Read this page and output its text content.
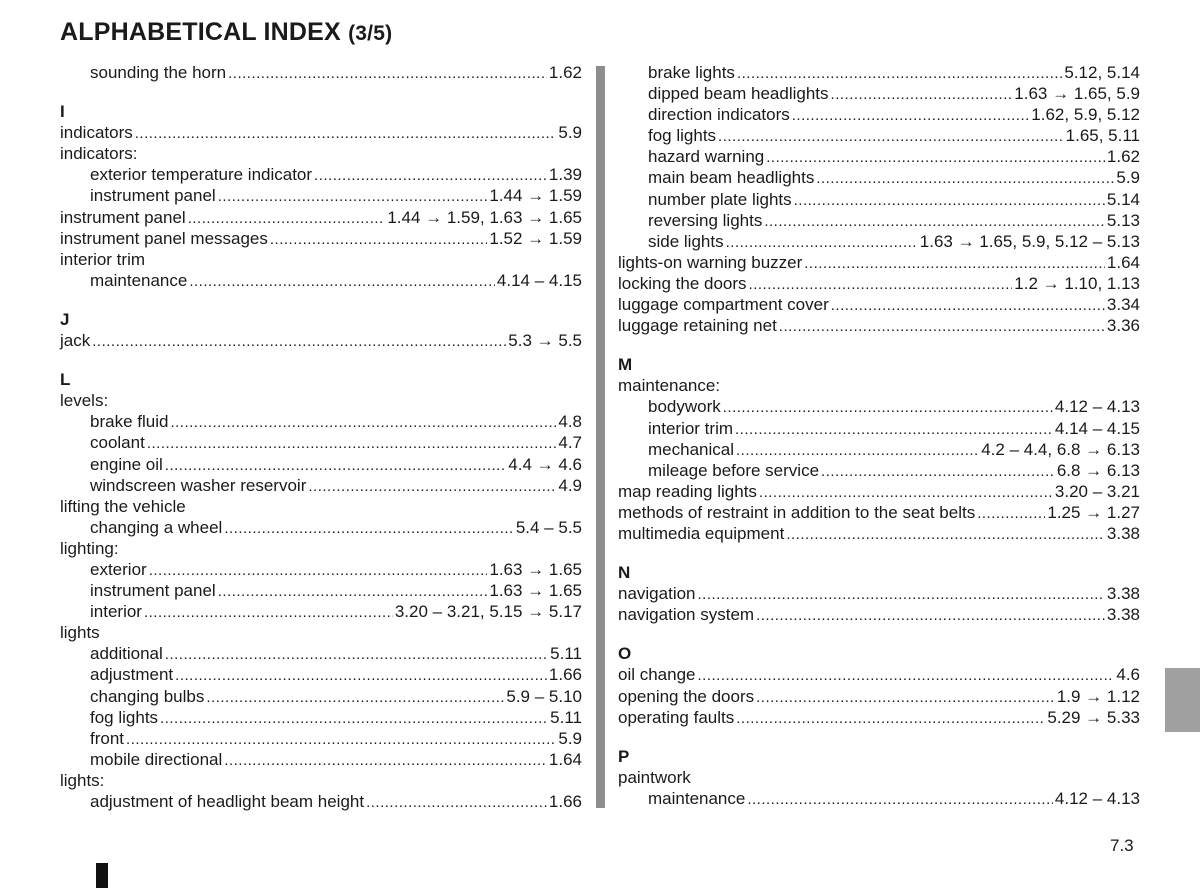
ALPHABETICAL INDEX (3/5)
sounding the horn .....	1.62
I
indicators .....	5.9
indicators:
exterior temperature indicator .....	1.39
instrument panel .....	1.44 → 1.59
instrument panel .....	1.44 → 1.59, 1.63 → 1.65
instrument panel messages .....	1.52 → 1.59
interior trim
maintenance .....	4.14 – 4.15
J
jack .....	5.3 → 5.5
L
levels:
brake fluid .....	4.8
coolant .....	4.7
engine oil .....	4.4 → 4.6
windscreen washer reservoir .....	4.9
lifting the vehicle
changing a wheel .....	5.4 – 5.5
lighting:
exterior .....	1.63 → 1.65
instrument panel .....	1.63 → 1.65
interior .....	3.20 – 3.21, 5.15 → 5.17
lights
additional .....	5.11
adjustment .....	1.66
changing bulbs .....	5.9 – 5.10
fog lights .....	5.11
front .....	5.9
mobile directional .....	1.64
lights:
adjustment of headlight beam height .....	1.66
brake lights .....	5.12, 5.14
dipped beam headlights .....	1.63 → 1.65, 5.9
direction indicators .....	1.62, 5.9, 5.12
fog lights .....	1.65, 5.11
hazard warning .....	1.62
main beam headlights .....	5.9
number plate lights .....	5.14
reversing lights .....	5.13
side lights .....	1.63 → 1.65, 5.9, 5.12 – 5.13
lights-on warning buzzer .....	1.64
locking the doors .....	1.2 → 1.10, 1.13
luggage compartment cover .....	3.34
luggage retaining net .....	3.36
M
maintenance:
bodywork .....	4.12 – 4.13
interior trim .....	4.14 – 4.15
mechanical .....	4.2 – 4.4, 6.8 → 6.13
mileage before service .....	6.8 → 6.13
map reading lights .....	3.20 – 3.21
methods of restraint in addition to the seat belts .....	1.25 → 1.27
multimedia equipment .....	3.38
N
navigation .....	3.38
navigation system .....	3.38
O
oil change .....	4.6
opening the doors .....	1.9 → 1.12
operating faults .....	5.29 → 5.33
P
paintwork
maintenance .....	4.12 – 4.13
7.3
